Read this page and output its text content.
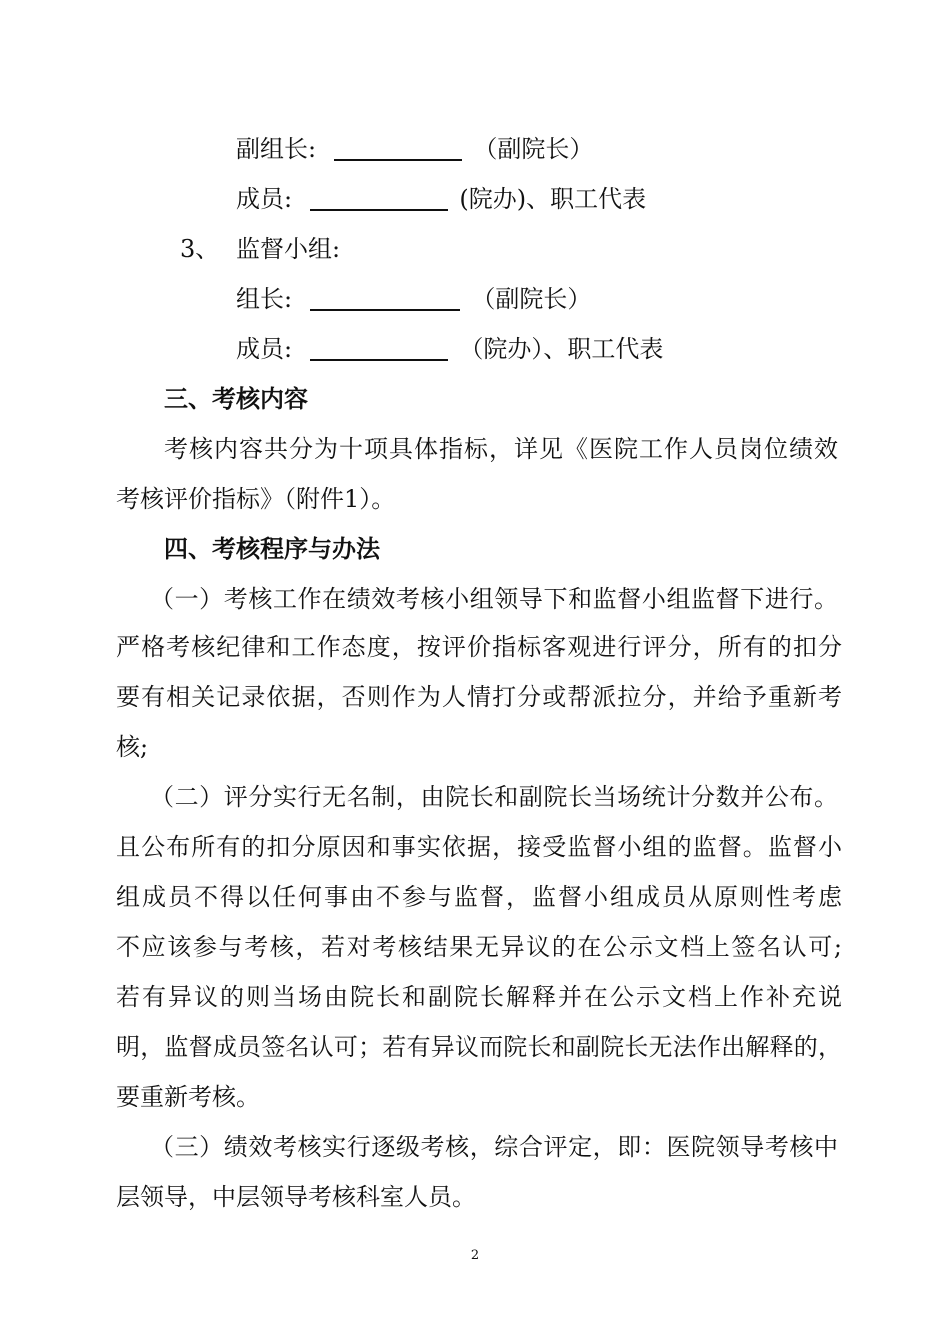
副组长:	（副院长）
成员:	(院办)、职工代表
3、 监督小组:
组长:	（副院长）
成员:	（院办）、职工代表
三、考核内容
考核内容共分为十项具体指标，详见《医院工作人员岗位绩效
考核评价指标》（附件1）。
四、考核程序与办法
（一）考核工作在绩效考核小组领导下和监督小组监督下进行。
严格考核纪律和工作态度，按评价指标客观进行评分，所有的扣分
要有相关记录依据，否则作为人情打分或帮派拉分，并给予重新考
核;
（二）评分实行无名制，由院长和副院长当场统计分数并公布。
且公布所有的扣分原因和事实依据，接受监督小组的监督。监督小
组成员不得以任何事由不参与监督，监督小组成员从原则性考虑
不应该参与考核，若对考核结果无异议的在公示文档上签名认可;
若有异议的则当场由院长和副院长解释并在公示文档上作补充说
明，监督成员签名认可；若有异议而院长和副院长无法作出解释的，
要重新考核。
（三）绩效考核实行逐级考核，综合评定，即：医院领导考核中
层领导，中层领导考核科室人员。
2
